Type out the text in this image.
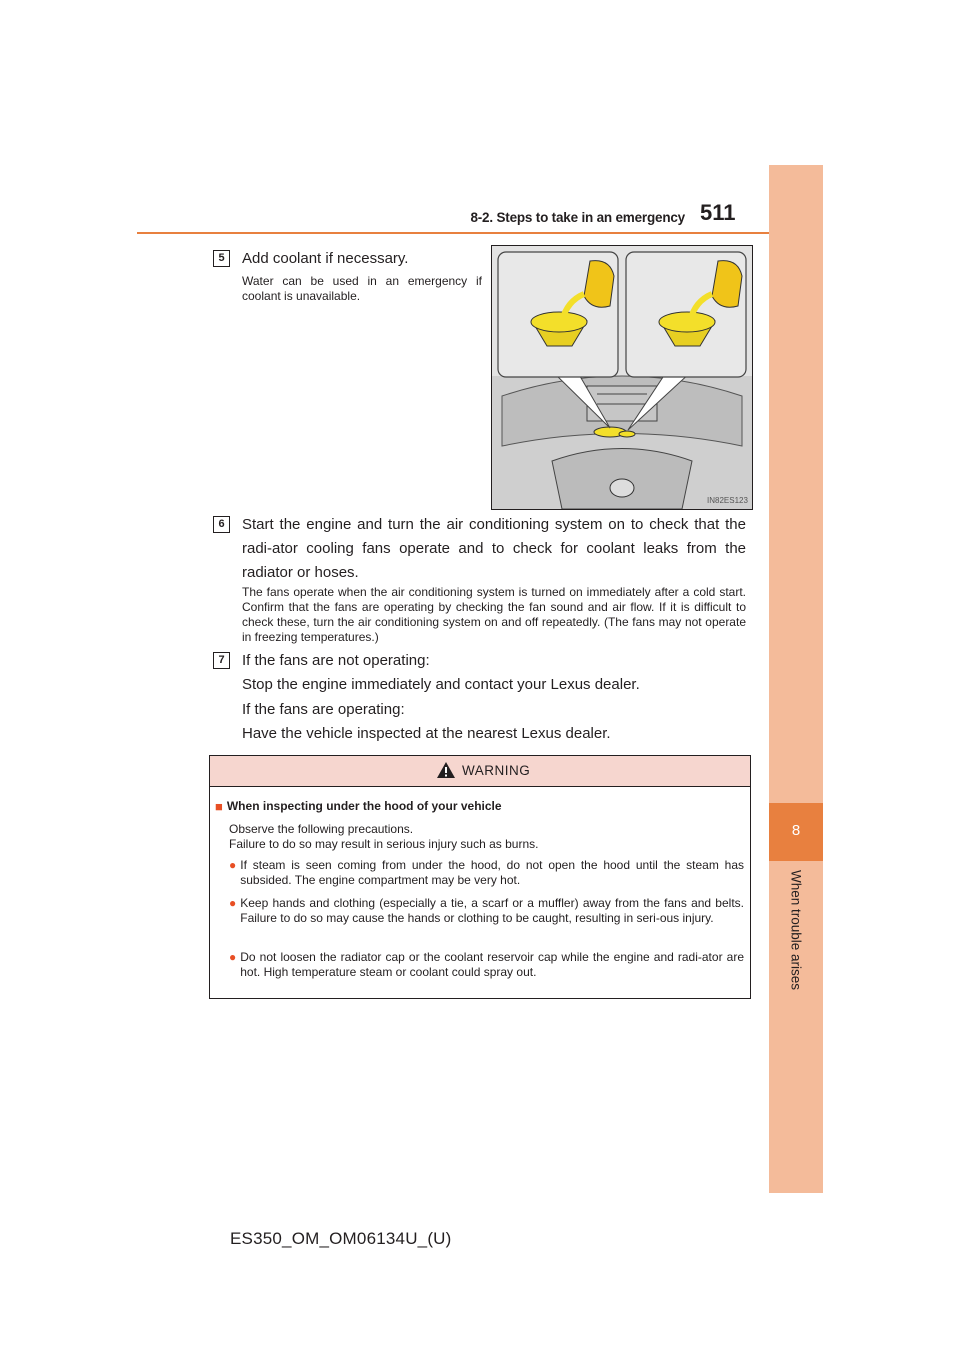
8-2. Steps to take in an emergency 511
8
When trouble arises
5	Add coolant if necessary.
Water can be used in an emergency if coolant is unavailable.
IN82ES123
6	Start the engine and turn the air conditioning system on to check that the radi-ator cooling fans operate and to check for coolant leaks from the radiator or hoses.
The fans operate when the air conditioning system is turned on immediately after a cold start. Confirm that the fans are operating by checking the fan sound and air flow. If it is difficult to check these, turn the air conditioning system on and off repeatedly. (The fans may not operate in freezing temperatures.)
7	If the fans are not operating:
Stop the engine immediately and contact your Lexus dealer.
If the fans are operating:
Have the vehicle inspected at the nearest Lexus dealer.
WARNING
■ When inspecting under the hood of your vehicle
Observe the following precautions.
Failure to do so may result in serious injury such as burns.
● If steam is seen coming from under the hood, do not open the hood until the steam has subsided. The engine compartment may be very hot.
● Keep hands and clothing (especially a tie, a scarf or a muffler) away from the fans and belts. Failure to do so may cause the hands or clothing to be caught, resulting in seri-ous injury.
● Do not loosen the radiator cap or the coolant reservoir cap while the engine and radi-ator are hot. High temperature steam or coolant could spray out.
ES350_OM_OM06134U_(U)
